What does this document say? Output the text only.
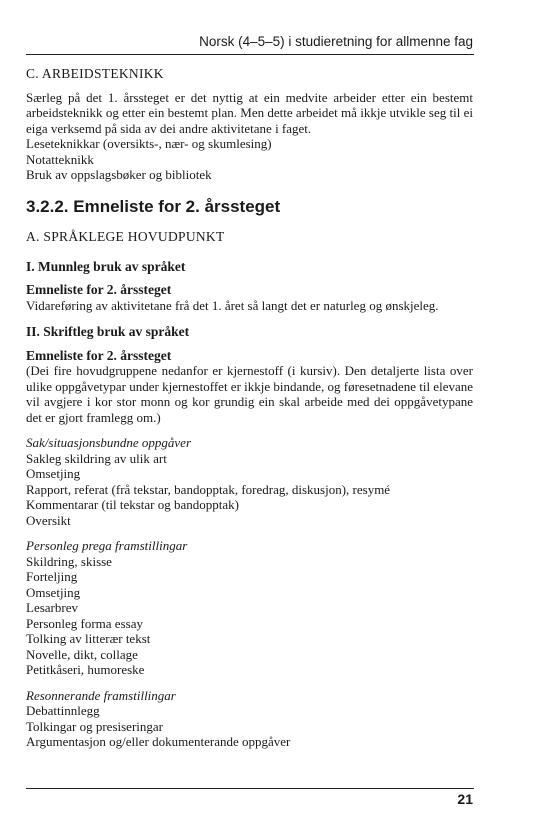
Norsk (4–5–5) i studieretning for allmenne fag
C. ARBEIDSTEKNIKK

Særleg på det 1. årssteget er det nyttig at ein medvite arbeider etter ein bestemt arbeidsteknikk og etter ein bestemt plan. Men dette arbeidet må ikkje utvikle seg til ei eiga verksemd på sida av dei andre aktivitetane i faget.

Leseteknikkar (oversikts-, nær- og skumlesing)
Notatteknikk
Bruk av oppslagsbøker og bibliotek
3.2.2. Emneliste for 2. årssteget
A. SPRÅKLEGE HOVUDPUNKT
I. Munnleg bruk av språket

Emneliste for 2. årssteget

Vidareføring av aktivitetane frå det 1. året så langt det er naturleg og ønskjeleg.

II. Skriftleg bruk av språket

Emneliste for 2. årssteget

(Dei fire hovudgruppene nedanfor er kjernestoff (i kursiv). Den detaljerte lista over ulike oppgåvetypar under kjernestoffet er ikkje bindande, og føresetnadene til elevane vil avgjere i kor stor monn og kor grundig ein skal arbeide med dei oppgåvetypane det er gjort framlegg om.)

Sak/situasjonsbundne oppgåver

Sakleg skildring av ulik art
Omsetjing
Rapport, referat (frå tekstar, bandopptak, foredrag, diskusjon), resymé
Kommentarar (til tekstar og bandopptak)
Oversikt

Personleg prega framstillingar

Skildring, skisse
Forteljing
Omsetjing
Lesarbrev
Personleg forma essay
Tolking av litterær tekst
Novelle, dikt, collage
Petitkåseri, humoreske

Resonnerande framstillingar

Debattinnlegg
Tolkingar og presiseringar
Argumentasjon og/eller dokumenterande oppgåver
21
